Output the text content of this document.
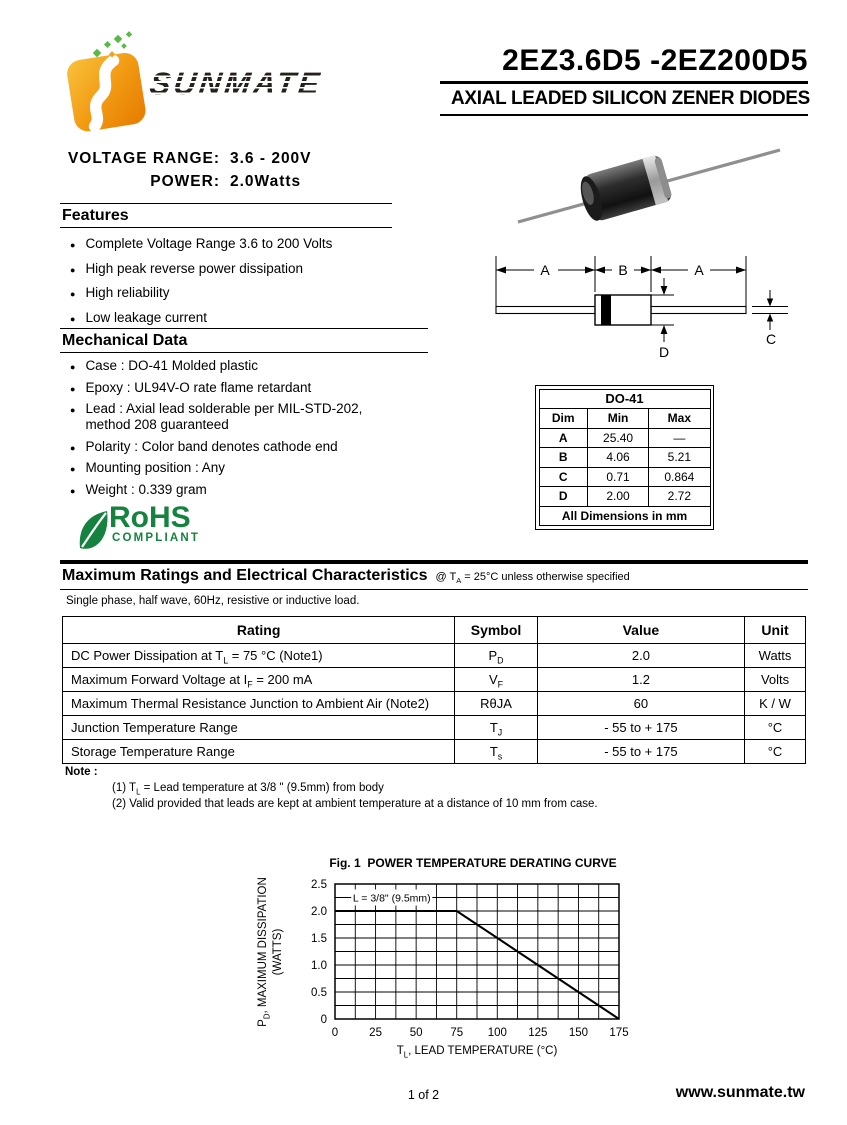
SUNMATE
2EZ3.6D5 -2EZ200D5
AXIAL LEADED SILICON ZENER DIODES
VOLTAGE RANGE: 3.6 - 200V
POWER: 2.0Watts
Features
● Complete Voltage Range 3.6 to 200 Volts
● High peak reverse power dissipation
● High reliability
● Low leakage current
Mechanical Data
● Case : DO-41 Molded plastic
● Epoxy : UL94V-O rate flame retardant
● Lead : Axial lead solderable per MIL-STD-202,
method 208 guaranteed
● Polarity : Color band denotes cathode end
● Mounting position : Any
● Weight : 0.339 gram
RoHS
COMPLIANT
A	B	A
D
C
DO-41		
Dim	Min	Max
A	25.40	—
B	4.06	5.21
C	0.71	0.864
D	2.00	2.72
All Dimensions in mm		
Maximum Ratings and Electrical Characteristics @ $T_A = 25^\circ C$ unless otherwise specified
Single phase, half wave, 60Hz, resistive or inductive load.
Rating	Symbol	Value	Unit
DC Power Dissipation at $T_L = 75$ °C (Note1)	$P_D$	2.0	Watts
Maximum Forward Voltage at $I_F = 200$ mA	$V_F$	1.2	Volts
Maximum Thermal Resistance Junction to Ambient Air (Note2)	RθJA	60	K / W
Junction Temperature Range	$T_J$	- 55 to + 175	°C
Storage Temperature Range	$T_s$	- 55 to + 175	°C
Note :
(1) $T_L$ = Lead temperature at 3/8 " (9.5mm) from body
(2) Valid provided that leads are kept at ambient temperature at a distance of 10 mm from case.
Fig. 1  POWER TEMPERATURE DERATING CURVE
L = 3/8" (9.5mm)
0	25 50 75 100 125 150 175
0
0.5
1.0
1.5
2.0
2.5
$T_L$, LEAD TEMPERATURE (°C)
$P_D$, MAXIMUM DISSIPATION (WATTS)
1 of 2	www.sunmate.tw
